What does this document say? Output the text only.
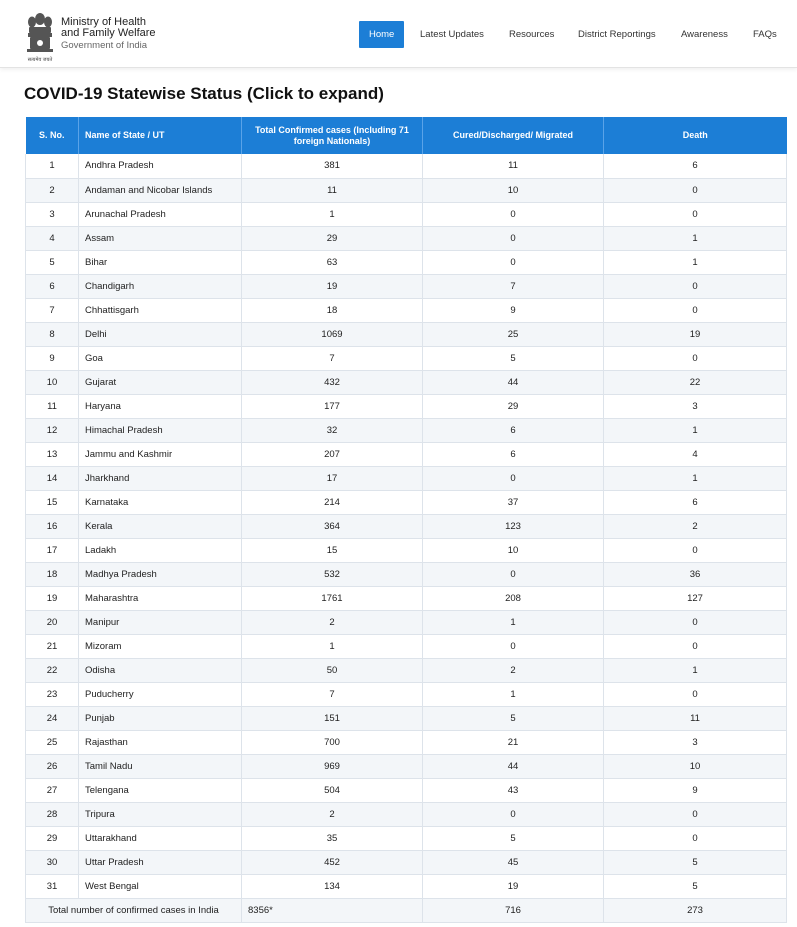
सत्यमेव जयते
Ministry of Health
and Family Welfare
Government of India
Home	Latest Updates	Resources District Reportings	Awareness	FAQs
COVID-19 Statewise Status (Click to expand)
S. No.	Name of State / UT	Total Confirmed cases (Including 71 foreign Nationals)	Cured/Discharged/ Migrated	Death
1	Andhra Pradesh	381	11	6
2	Andaman and Nicobar Islands	11	10	0
3	Arunachal Pradesh	1	0	0
4	Assam	29	0	1
5	Bihar	63	0	1
6	Chandigarh	19	7	0
7	Chhattisgarh	18	9	0
8	Delhi	1069	25	19
9	Goa	7	5	0
10	Gujarat	432	44	22
11	Haryana	177	29	3
12	Himachal Pradesh	32	6	1
13	Jammu and Kashmir	207	6	4
14	Jharkhand	17	0	1
15	Karnataka	214	37	6
16	Kerala	364	123	2
17	Ladakh	15	10	0
18	Madhya Pradesh	532	0	36
19	Maharashtra	1761	208	127
20	Manipur	2	1	0
21	Mizoram	1	0	0
22	Odisha	50	2	1
23	Puducherry	7	1	0
24	Punjab	151	5	11
25	Rajasthan	700	21	3
26	Tamil Nadu	969	44	10
27	Telengana	504	43	9
28	Tripura	2	0	0
29	Uttarakhand	35	5	0
30	Uttar Pradesh	452	45	5
31	West Bengal	134	19	5
Total number of confirmed cases in India		8356*	716	273
